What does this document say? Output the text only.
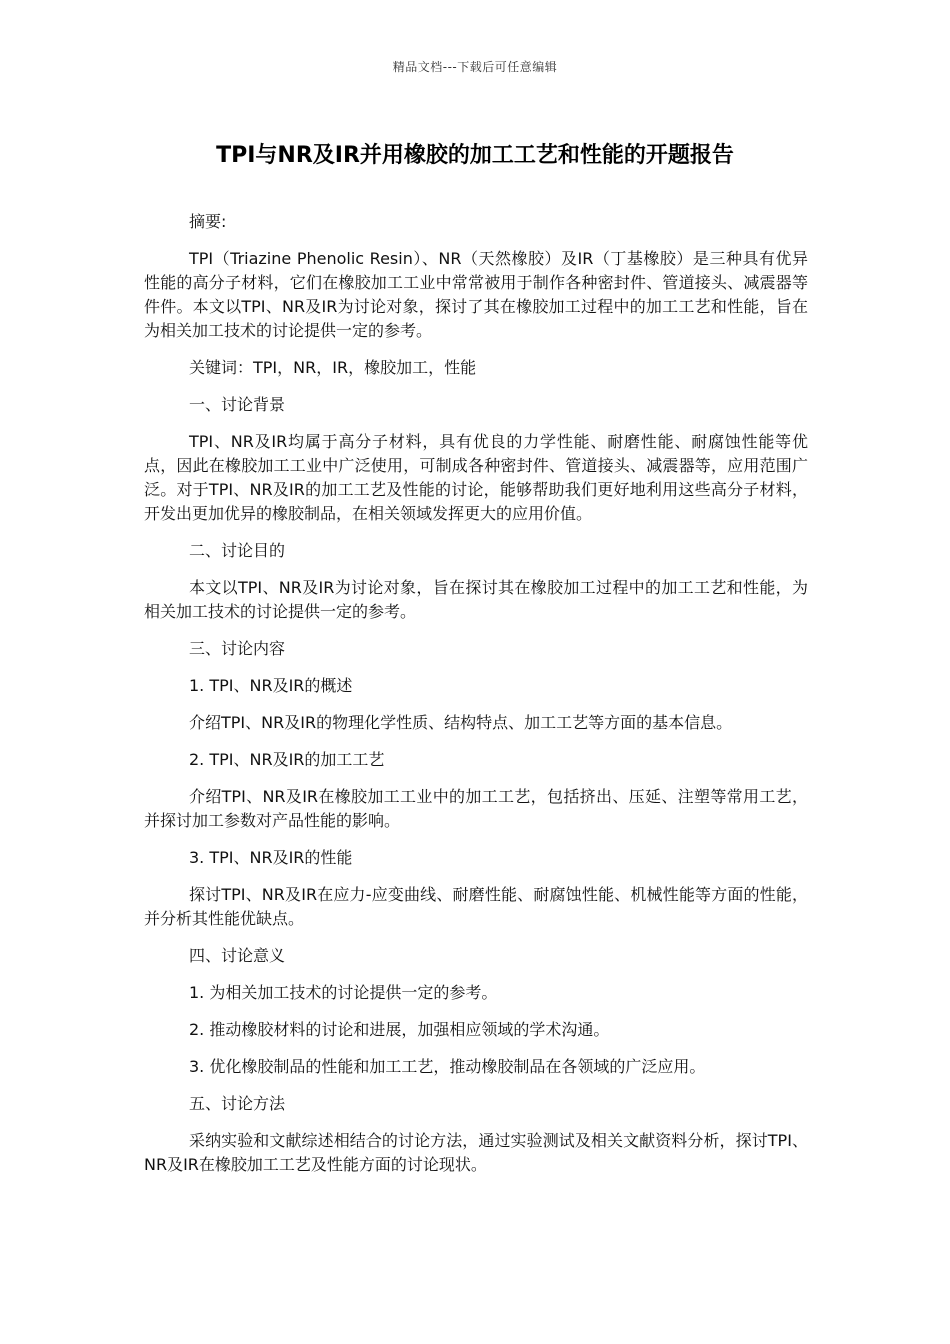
精品文档---下载后可任意编辑
TPI与NR及IR并用橡胶的加工工艺和性能的开题报告

摘要:

TPI（Triazine Phenolic Resin）、NR（天然橡胶）及IR（丁基橡胶）是三种具有优异性能的高分子材料，它们在橡胶加工工业中常常被用于制作各种密封件、管道接头、减震器等件件。本文以TPI、NR及IR为讨论对象，探讨了其在橡胶加工过程中的加工工艺和性能，旨在为相关加工技术的讨论提供一定的参考。

关键词：TPI，NR，IR，橡胶加工，性能

一、讨论背景

TPI、NR及IR均属于高分子材料，具有优良的力学性能、耐磨性能、耐腐蚀性能等优点，因此在橡胶加工工业中广泛使用，可制成各种密封件、管道接头、减震器等，应用范围广泛。对于TPI、NR及IR的加工工艺及性能的讨论，能够帮助我们更好地利用这些高分子材料，开发出更加优异的橡胶制品，在相关领域发挥更大的应用价值。

二、讨论目的

本文以TPI、NR及IR为讨论对象，旨在探讨其在橡胶加工过程中的加工工艺和性能，为相关加工技术的讨论提供一定的参考。

三、讨论内容

1. TPI、NR及IR的概述

介绍TPI、NR及IR的物理化学性质、结构特点、加工工艺等方面的基本信息。

2. TPI、NR及IR的加工工艺

介绍TPI、NR及IR在橡胶加工工业中的加工工艺，包括挤出、压延、注塑等常用工艺，并探讨加工参数对产品性能的影响。

3. TPI、NR及IR的性能

探讨TPI、NR及IR在应力-应变曲线、耐磨性能、耐腐蚀性能、机械性能等方面的性能，并分析其性能优缺点。

四、讨论意义

1. 为相关加工技术的讨论提供一定的参考。

2. 推动橡胶材料的讨论和进展，加强相应领域的学术沟通。

3. 优化橡胶制品的性能和加工工艺，推动橡胶制品在各领域的广泛应用。

五、讨论方法

采纳实验和文献综述相结合的讨论方法，通过实验测试及相关文献资料分析，探讨TPI、NR及IR在橡胶加工工艺及性能方面的讨论现状。
